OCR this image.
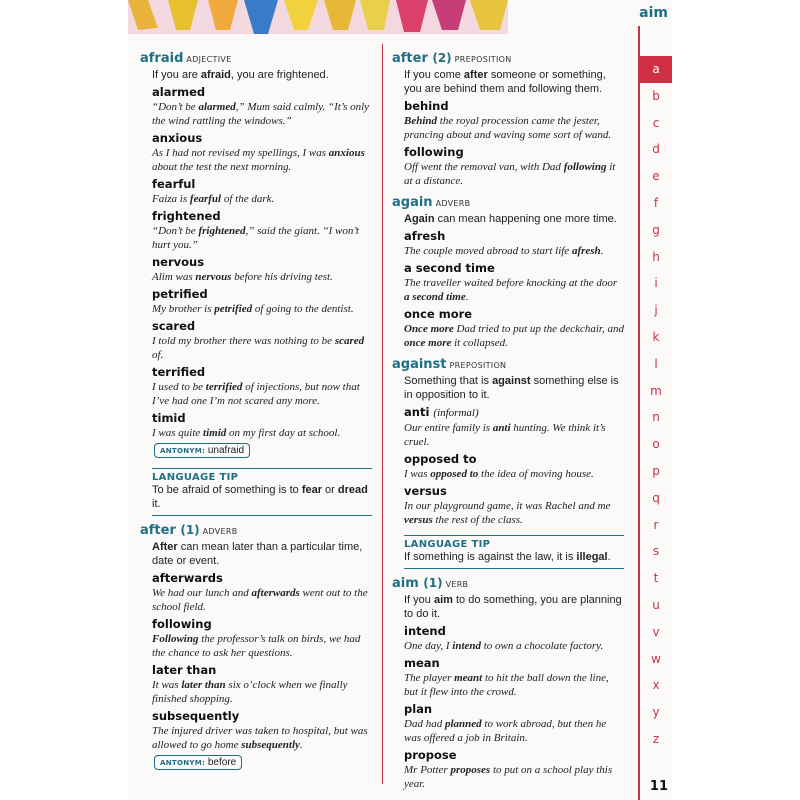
aim
afraid ADJECTIVE
If you are afraid, you are frightened.
alarmed
“Don’t be alarmed,” Mum said calmly. “It’s only the wind rattling the windows.”
anxious
As I had not revised my spellings, I was anxious about the test the next morning.
fearful
Faiza is fearful of the dark.
frightened
“Don’t be frightened,” said the giant. “I won’t hurt you.”
nervous
Alim was nervous before his driving test.
petrified
My brother is petrified of going to the dentist.
scared
I told my brother there was nothing to be scared of.
terrified
I used to be terrified of injections, but now that I’ve had one I’m not scared any more.
timid
I was quite timid on my first day at school.
ANTONYM: unafraid
LANGUAGE TIP
To be afraid of something is to fear or dread it.
after (1) ADVERB
After can mean later than a particular time, date or event.
afterwards
We had our lunch and afterwards went out to the school field.
following
Following the professor’s talk on birds, we had the chance to ask her questions.
later than
It was later than six o’clock when we finally finished shopping.
subsequently
The injured driver was taken to hospital, but was allowed to go home subsequently.
ANTONYM: before
after (2) PREPOSITION
If you come after someone or something, you are behind them and following them.
behind
Behind the royal procession came the jester, prancing about and waving some sort of wand.
following
Off went the removal van, with Dad following it at a distance.
again ADVERB
Again can mean happening one more time.
afresh
The couple moved abroad to start life afresh.
a second time
The traveller waited before knocking at the door a second time.
once more
Once more Dad tried to put up the deckchair, and once more it collapsed.
against PREPOSITION
Something that is against something else is in opposition to it.
anti (informal)
Our entire family is anti hunting. We think it’s cruel.
opposed to
I was opposed to the idea of moving house.
versus
In our playground game, it was Rachel and me versus the rest of the class.
LANGUAGE TIP
If something is against the law, it is illegal.
aim (1) VERB
If you aim to do something, you are planning to do it.
intend
One day, I intend to own a chocolate factory.
mean
The player meant to hit the ball down the line, but it flew into the crowd.
plan
Dad had planned to work abroad, but then he was offered a job in Britain.
propose
Mr Potter proposes to put on a school play this year.
a
b
c
d
e
f
g
h
i
j
k
l
m
n
o
p
q
r
s
t
u
v
w
x
y
z
11
